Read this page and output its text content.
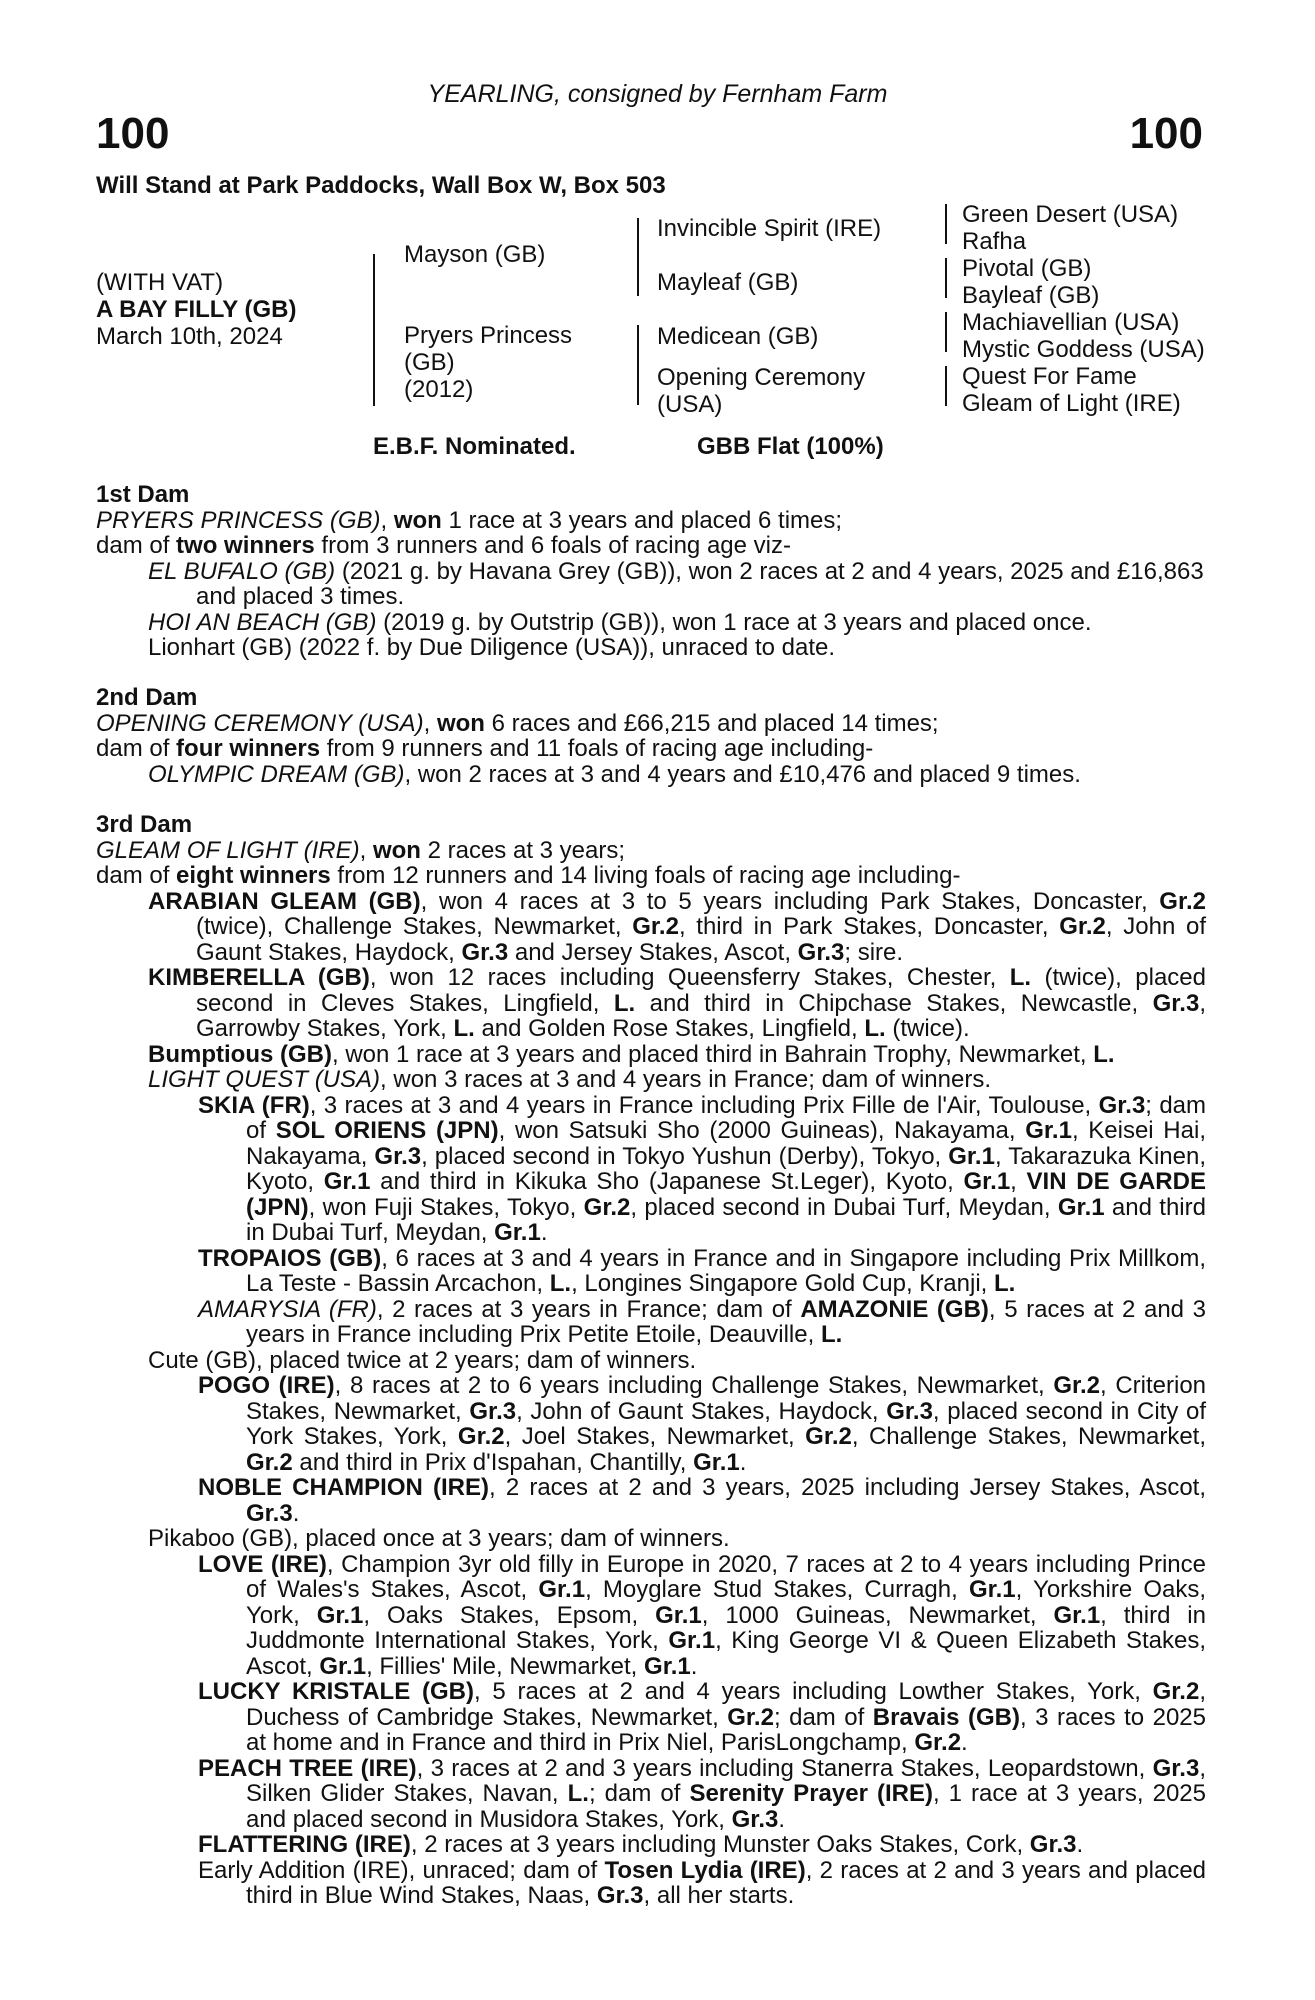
100	100
YEARLING, consigned by Fernham Farm
Will Stand at Park Paddocks, Wall Box W, Box 503
(WITH VAT)
A BAY FILLY (GB)
March 10th, 2024
Mayson (GB)
Pryers Princess
(GB)
(2012)
Invincible Spirit (IRE)
Mayleaf (GB)
Medicean (GB)
Opening Ceremony
(USA)
Green Desert (USA)
Rafha
Pivotal (GB)
Bayleaf (GB)
Machiavellian (USA)
Mystic Goddess (USA)
Quest For Fame
Gleam of Light (IRE)
E.B.F. Nominated.	GBB Flat (100%)
1st Dam
PRYERS PRINCESS (GB), won 1 race at 3 years and placed 6 times;
dam of two winners from 3 runners and 6 foals of racing age viz-
EL BUFALO (GB) (2021 g. by Havana Grey (GB)), won 2 races at 2 and 4 years, 2025 and £16,863 and placed 3 times.
HOI AN BEACH (GB) (2019 g. by Outstrip (GB)), won 1 race at 3 years and placed once.
Lionhart (GB) (2022 f. by Due Diligence (USA)), unraced to date.
2nd Dam
OPENING CEREMONY (USA), won 6 races and £66,215 and placed 14 times;
dam of four winners from 9 runners and 11 foals of racing age including-
OLYMPIC DREAM (GB), won 2 races at 3 and 4 years and £10,476 and placed 9 times.
3rd Dam
GLEAM OF LIGHT (IRE), won 2 races at 3 years;
dam of eight winners from 12 runners and 14 living foals of racing age including-
ARABIAN GLEAM (GB), won 4 races at 3 to 5 years including Park Stakes, Doncaster, Gr.2 (twice), Challenge Stakes, Newmarket, Gr.2, third in Park Stakes, Doncaster, Gr.2, John of Gaunt Stakes, Haydock, Gr.3 and Jersey Stakes, Ascot, Gr.3; sire.
KIMBERELLA (GB), won 12 races including Queensferry Stakes, Chester, L. (twice), placed second in Cleves Stakes, Lingfield, L. and third in Chipchase Stakes, Newcastle, Gr.3, Garrowby Stakes, York, L. and Golden Rose Stakes, Lingfield, L. (twice).
Bumptious (GB), won 1 race at 3 years and placed third in Bahrain Trophy, Newmarket, L.
LIGHT QUEST (USA), won 3 races at 3 and 4 years in France; dam of winners.
SKIA (FR), 3 races at 3 and 4 years in France including Prix Fille de l'Air, Toulouse, Gr.3; dam of SOL ORIENS (JPN), won Satsuki Sho (2000 Guineas), Nakayama, Gr.1, Keisei Hai, Nakayama, Gr.3, placed second in Tokyo Yushun (Derby), Tokyo, Gr.1, Takarazuka Kinen, Kyoto, Gr.1 and third in Kikuka Sho (Japanese St.Leger), Kyoto, Gr.1, VIN DE GARDE (JPN), won Fuji Stakes, Tokyo, Gr.2, placed second in Dubai Turf, Meydan, Gr.1 and third in Dubai Turf, Meydan, Gr.1.
TROPAIOS (GB), 6 races at 3 and 4 years in France and in Singapore including Prix Millkom, La Teste - Bassin Arcachon, L., Longines Singapore Gold Cup, Kranji, L.
AMARYSIA (FR), 2 races at 3 years in France; dam of AMAZONIE (GB), 5 races at 2 and 3 years in France including Prix Petite Etoile, Deauville, L.
Cute (GB), placed twice at 2 years; dam of winners.
POGO (IRE), 8 races at 2 to 6 years including Challenge Stakes, Newmarket, Gr.2, Criterion Stakes, Newmarket, Gr.3, John of Gaunt Stakes, Haydock, Gr.3, placed second in City of York Stakes, York, Gr.2, Joel Stakes, Newmarket, Gr.2, Challenge Stakes, Newmarket, Gr.2 and third in Prix d'Ispahan, Chantilly, Gr.1.
NOBLE CHAMPION (IRE), 2 races at 2 and 3 years, 2025 including Jersey Stakes, Ascot, Gr.3.
Pikaboo (GB), placed once at 3 years; dam of winners.
LOVE (IRE), Champion 3yr old filly in Europe in 2020, 7 races at 2 to 4 years including Prince of Wales's Stakes, Ascot, Gr.1, Moyglare Stud Stakes, Curragh, Gr.1, Yorkshire Oaks, York, Gr.1, Oaks Stakes, Epsom, Gr.1, 1000 Guineas, Newmarket, Gr.1, third in Juddmonte International Stakes, York, Gr.1, King George VI & Queen Elizabeth Stakes, Ascot, Gr.1, Fillies' Mile, Newmarket, Gr.1.
LUCKY KRISTALE (GB), 5 races at 2 and 4 years including Lowther Stakes, York, Gr.2, Duchess of Cambridge Stakes, Newmarket, Gr.2; dam of Bravais (GB), 3 races to 2025 at home and in France and third in Prix Niel, ParisLongchamp, Gr.2.
PEACH TREE (IRE), 3 races at 2 and 3 years including Stanerra Stakes, Leopardstown, Gr.3, Silken Glider Stakes, Navan, L.; dam of Serenity Prayer (IRE), 1 race at 3 years, 2025 and placed second in Musidora Stakes, York, Gr.3.
FLATTERING (IRE), 2 races at 3 years including Munster Oaks Stakes, Cork, Gr.3.
Early Addition (IRE), unraced; dam of Tosen Lydia (IRE), 2 races at 2 and 3 years and placed third in Blue Wind Stakes, Naas, Gr.3, all her starts.
